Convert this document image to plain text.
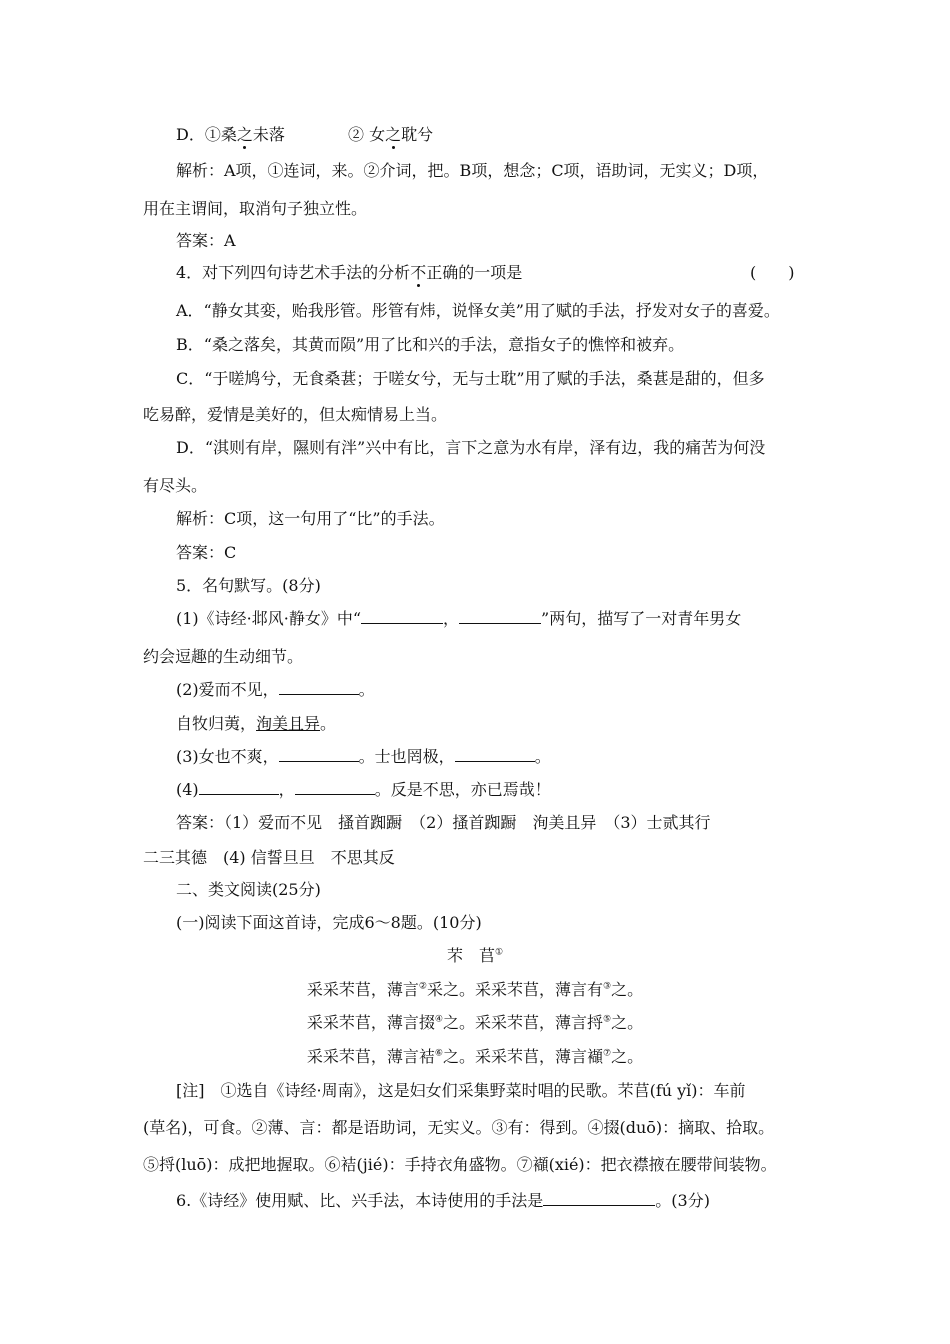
D．①桑之未落	② 女之耽兮
解析：A项，①连词，来。②介词，把。B项，想念；C项，语助词，无实义；D项，
用在主谓间，取消句子独立性。
答案：A
4．对下列四句诗艺术手法的分析不正确的一项是	(　　)
A．“静女其娈，贻我彤管。彤管有炜，说怿女美”用了赋的手法，抒发对女子的喜爱。
B．“桑之落矣，其黄而陨”用了比和兴的手法，意指女子的憔悴和被弃。
C．“于嗟鸠兮，无食桑葚；于嗟女兮，无与士耽”用了赋的手法，桑葚是甜的，但多
吃易醉，爱情是美好的，但太痴情易上当。
D．“淇则有岸，隰则有泮”兴中有比，言下之意为水有岸，泽有边，我的痛苦为何没
有尽头。
解析：C项，这一句用了“比”的手法。
答案：C
5．名句默写。(8分)
(1)《诗经·邶风·静女》中“	，	”两句，描写了一对青年男女
约会逗趣的生动细节。
(2)爱而不见，	。
自牧归荑，洵美且异。
(3)女也不爽，	。士也罔极，	。
(4)	，	。反是不思，亦已焉哉！
答案：（1）爱而不见　搔首踟蹰　（2）搔首踟蹰　洵美且异　（3）士贰其行
二三其德　(4) 信誓旦旦　不思其反
二、类文阅读(25分)
(一)阅读下面这首诗，完成6～8题。(10分)
芣　苢①
采采芣苢，薄言②采之。采采芣苢，薄言有③之。
采采芣苢，薄言掇④之。采采芣苢，薄言捋⑤之。
采采芣苢，薄言袺⑥之。采采芣苢，薄言襭⑦之。
[注]　①选自《诗经·周南》，这是妇女们采集野菜时唱的民歌。芣苢(fú yǐ)：车前
(草名)，可食。②薄、言：都是语助词，无实义。③有：得到。④掇(duō)：摘取、拾取。
⑤捋(luō)：成把地握取。⑥袺(jié)：手持衣角盛物。⑦襭(xié)：把衣襟掖在腰带间装物。
6.《诗经》使用赋、比、兴手法，本诗使用的手法是	。(3分)
